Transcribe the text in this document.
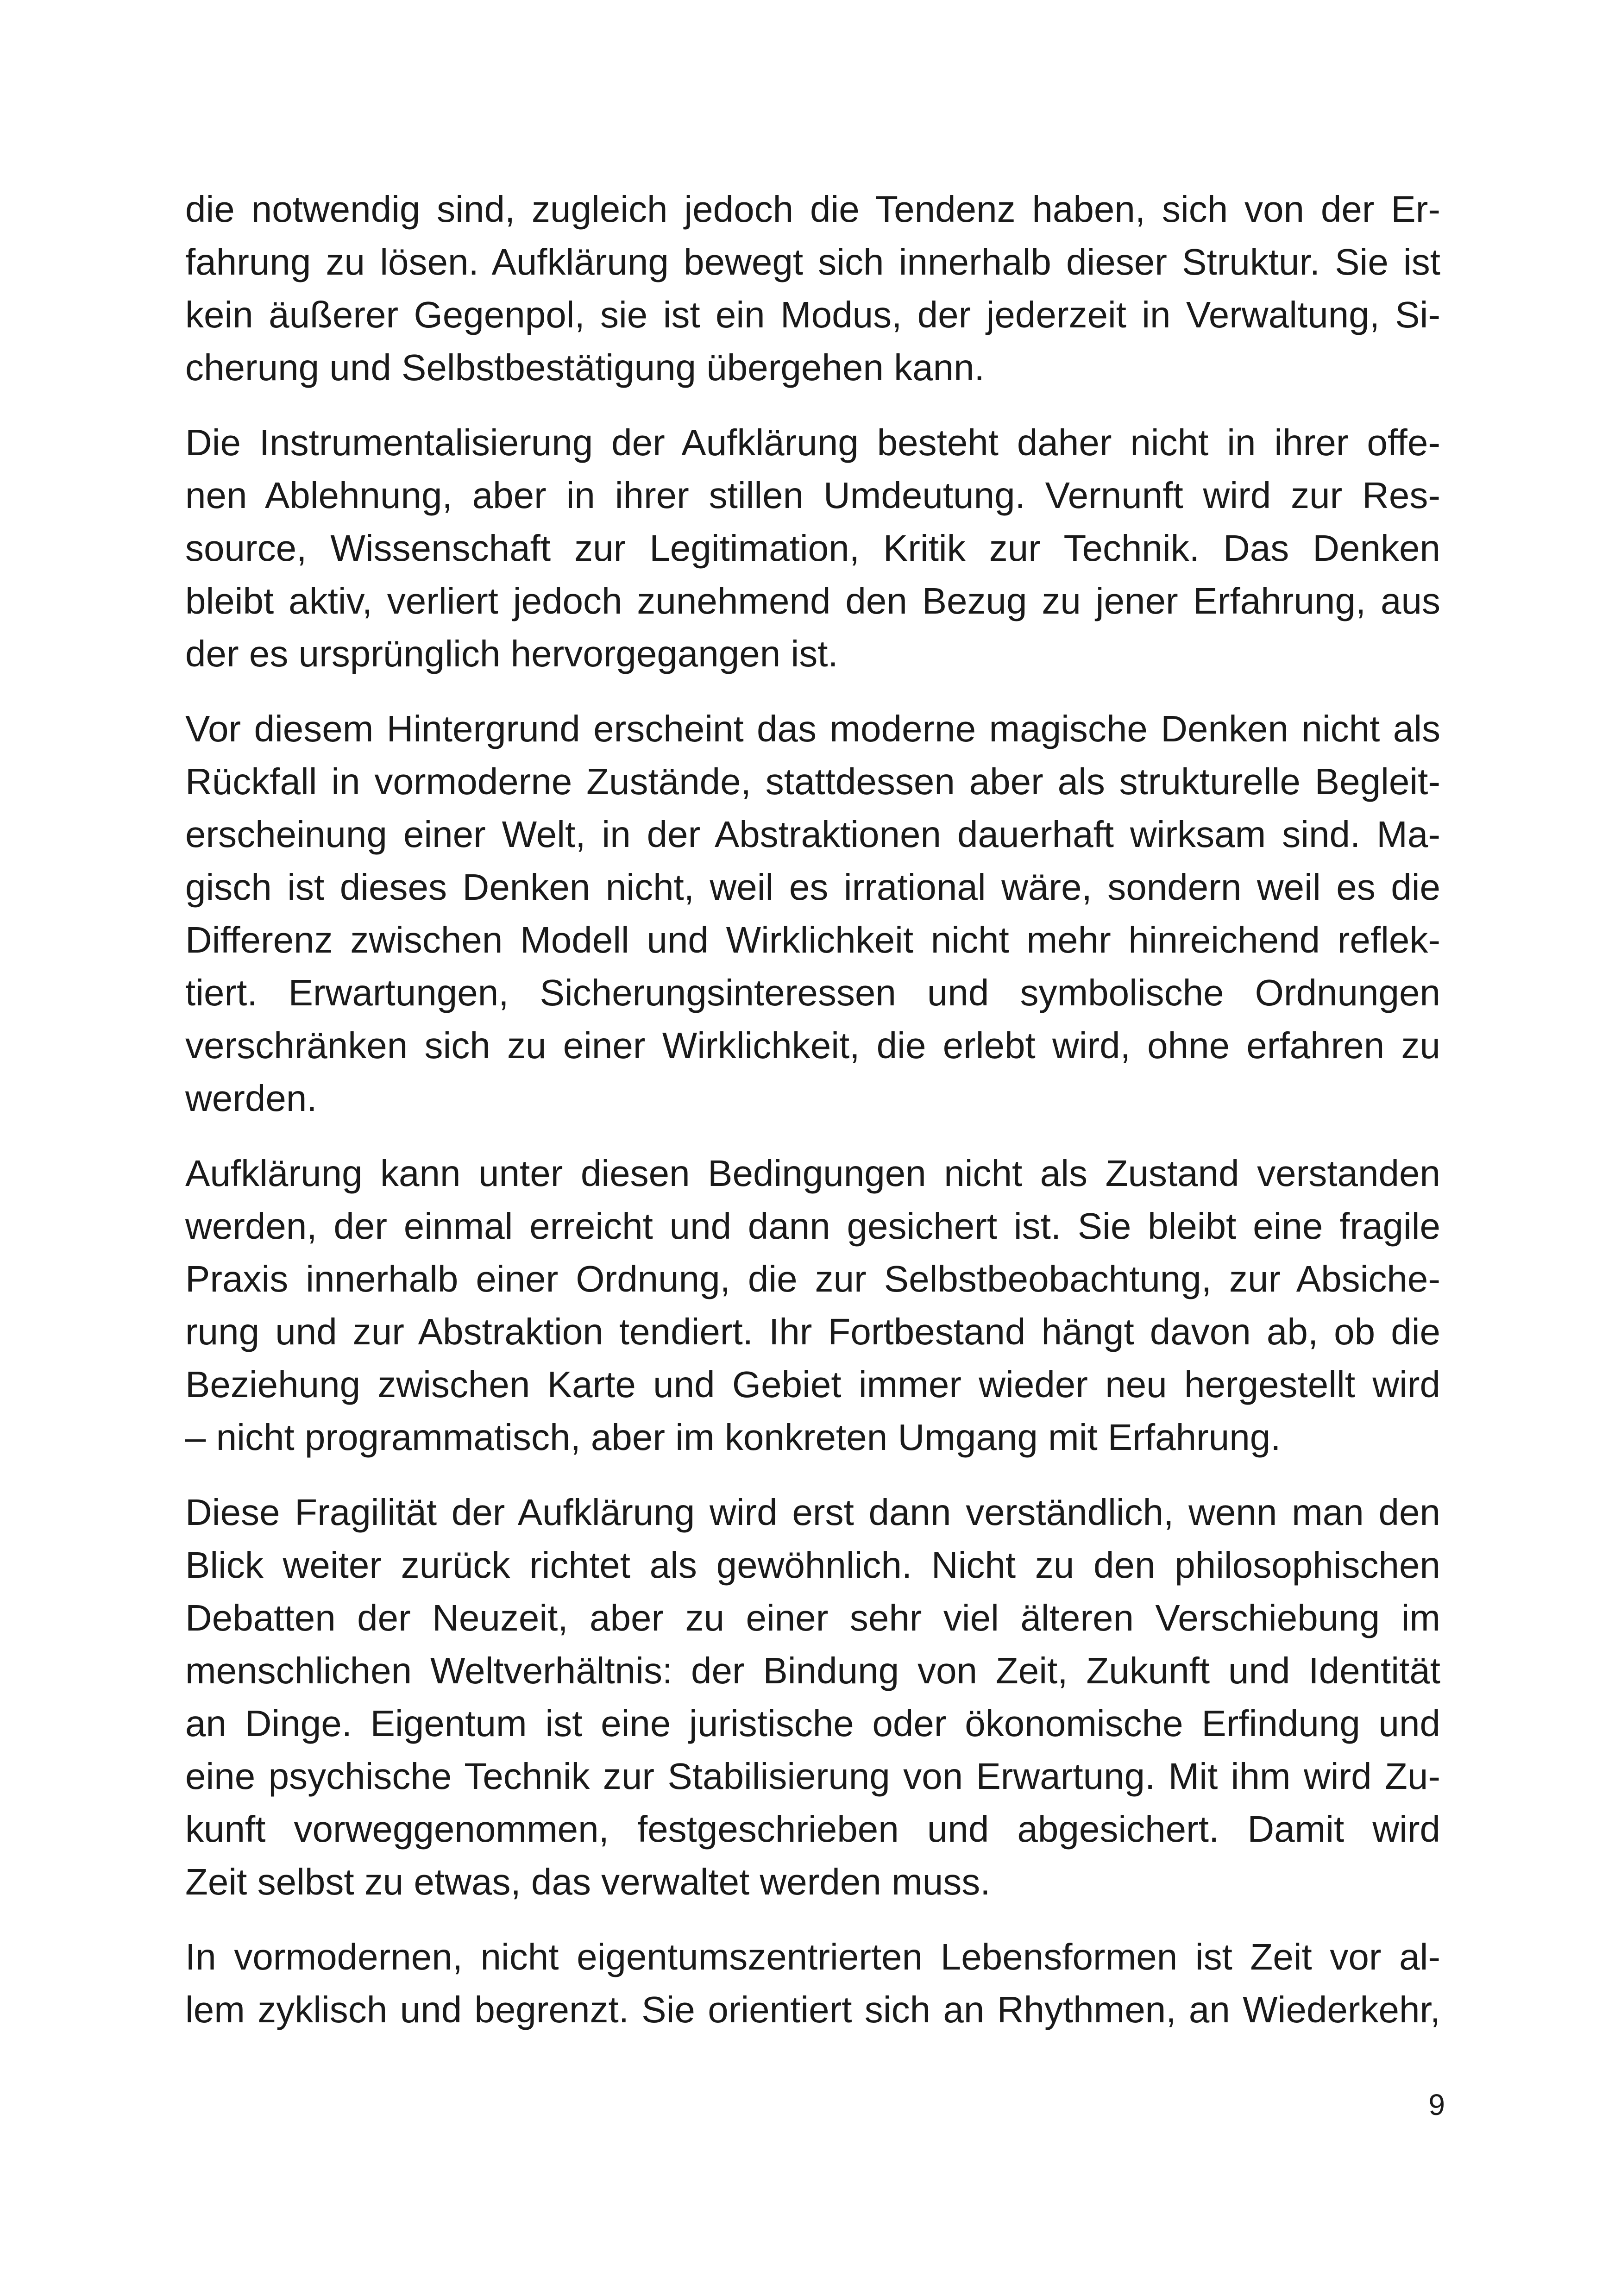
die notwendig sind, zugleich jedoch die Tendenz haben, sich von der Er-
fahrung zu lösen. Aufklärung bewegt sich innerhalb dieser Struktur. Sie ist
kein äußerer Gegenpol, sie ist ein Modus, der jederzeit in Verwaltung, Si-
cherung und Selbstbestätigung übergehen kann.

Die Instrumentalisierung der Aufklärung besteht daher nicht in ihrer offe-
nen Ablehnung, aber in ihrer stillen Umdeutung. Vernunft wird zur Res-
source, Wissenschaft zur Legitimation, Kritik zur Technik. Das Denken
bleibt aktiv, verliert jedoch zunehmend den Bezug zu jener Erfahrung, aus
der es ursprünglich hervorgegangen ist.

Vor diesem Hintergrund erscheint das moderne magische Denken nicht als
Rückfall in vormoderne Zustände, stattdessen aber als strukturelle Begleit-
erscheinung einer Welt, in der Abstraktionen dauerhaft wirksam sind. Ma-
gisch ist dieses Denken nicht, weil es irrational wäre, sondern weil es die
Differenz zwischen Modell und Wirklichkeit nicht mehr hinreichend reflek-
tiert. Erwartungen, Sicherungsinteressen und symbolische Ordnungen
verschränken sich zu einer Wirklichkeit, die erlebt wird, ohne erfahren zu
werden.

Aufklärung kann unter diesen Bedingungen nicht als Zustand verstanden
werden, der einmal erreicht und dann gesichert ist. Sie bleibt eine fragile
Praxis innerhalb einer Ordnung, die zur Selbstbeobachtung, zur Absiche-
rung und zur Abstraktion tendiert. Ihr Fortbestand hängt davon ab, ob die
Beziehung zwischen Karte und Gebiet immer wieder neu hergestellt wird
– nicht programmatisch, aber im konkreten Umgang mit Erfahrung.

Diese Fragilität der Aufklärung wird erst dann verständlich, wenn man den
Blick weiter zurück richtet als gewöhnlich. Nicht zu den philosophischen
Debatten der Neuzeit, aber zu einer sehr viel älteren Verschiebung im
menschlichen Weltverhältnis: der Bindung von Zeit, Zukunft und Identität
an Dinge. Eigentum ist eine juristische oder ökonomische Erfindung und
eine psychische Technik zur Stabilisierung von Erwartung. Mit ihm wird Zu-
kunft vorweggenommen, festgeschrieben und abgesichert. Damit wird
Zeit selbst zu etwas, das verwaltet werden muss.

In vormodernen, nicht eigentumszentrierten Lebensformen ist Zeit vor al-
lem zyklisch und begrenzt. Sie orientiert sich an Rhythmen, an Wiederkehr,

9
